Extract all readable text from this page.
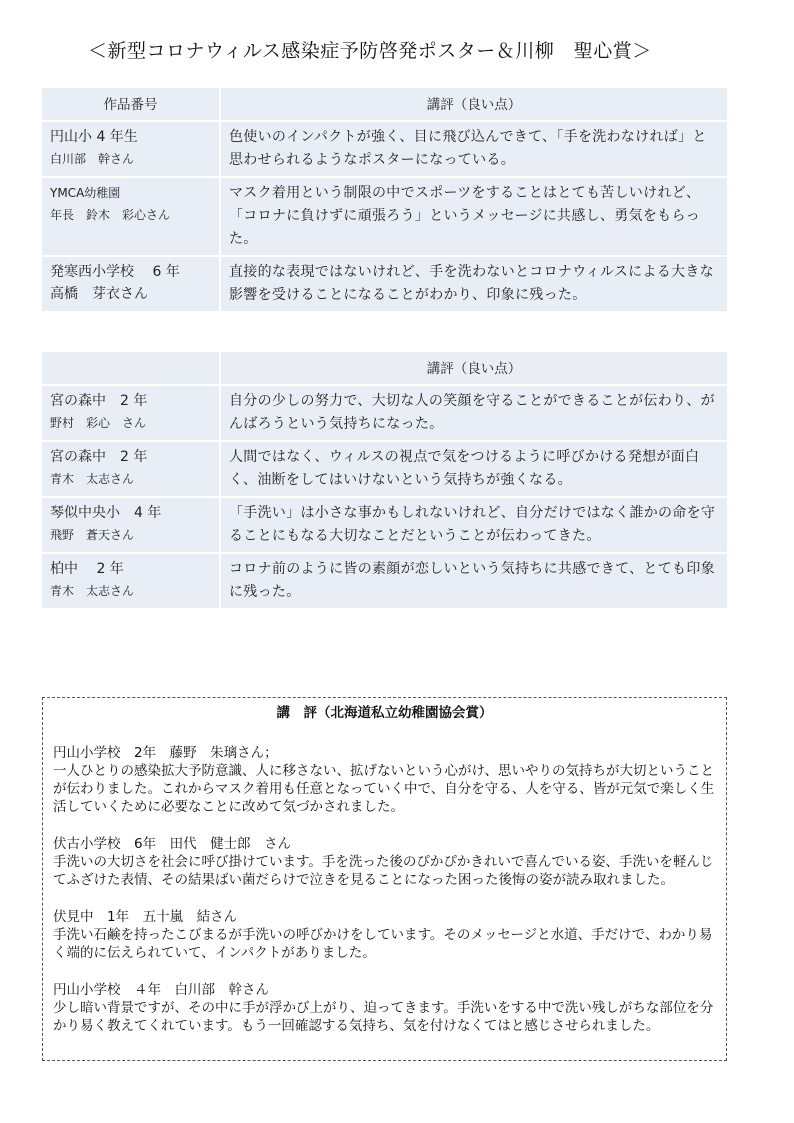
＜新型コロナウィルス感染症予防啓発ポスター＆川柳　聖心賞＞
作品番号	講評（良い点）

円山小 4 年生
白川部　幹さん	色使いのインパクトが強く、目に飛び込んできて、「手を洗わなければ」と思わせられるようなポスターになっている。

YMCA幼稚園
年長　鈴木　彩心さん	マスク着用という制限の中でスポーツをすることはとても苦しいけれど、「コロナに負けずに頑張ろう」というメッセージに共感し、勇気をもらった。

発寒西小学校　 6 年
高橋　芽衣さん	直接的な表現ではないけれど、手を洗わないとコロナウィルスによる大きな影響を受けることになることがわかり、印象に残った。
	講評（良い点）

宮の森中　2 年
野村　彩心　さん	自分の少しの努力で、大切な人の笑顔を守ることができることが伝わり、がんばろうという気持ちになった。

宮の森中　2 年
青木　太志さん	人間ではなく、ウィルスの視点で気をつけるように呼びかける発想が面白く、油断をしてはいけないという気持ちが強くなる。

琴似中央小　4 年
飛野　蒼天さん	「手洗い」は小さな事かもしれないけれど、自分だけではなく誰かの命を守ることにもなる大切なことだということが伝わってきた。

柏中　 2 年
青木　太志さん	コロナ前のように皆の素顔が恋しいという気持ちに共感できて、とても印象に残った。
講　評（北海道私立幼稚園協会賞）
円山小学校　2年　藤野　朱璃さん；
一人ひとりの感染拡大予防意識、人に移さない、拡げないという心がけ、思いやりの気持ちが大切ということが伝わりました。これからマスク着用も任意となっていく中で、自分を守る、人を守る、皆が元気で楽しく生活していくために必要なことに改めて気づかされました。
伏古小学校　6年　田代　健士郎　さん
手洗いの大切さを社会に呼び掛けています。手を洗った後のぴかぴかきれいで喜んでいる姿、手洗いを軽んじてふざけた表情、その結果ばい菌だらけで泣きを見ることになった困った後悔の姿が読み取れました。
伏見中　1年　五十嵐　結さん
手洗い石鹸を持ったこびまるが手洗いの呼びかけをしています。そのメッセージと水道、手だけで、わかり易く端的に伝えられていて、インパクトがありました。
円山小学校　４年　白川部　幹さん
少し暗い背景ですが、その中に手が浮かび上がり、迫ってきます。手洗いをする中で洗い残しがちな部位を分かり易く教えてくれています。もう一回確認する気持ち、気を付けなくてはと感じさせられました。
